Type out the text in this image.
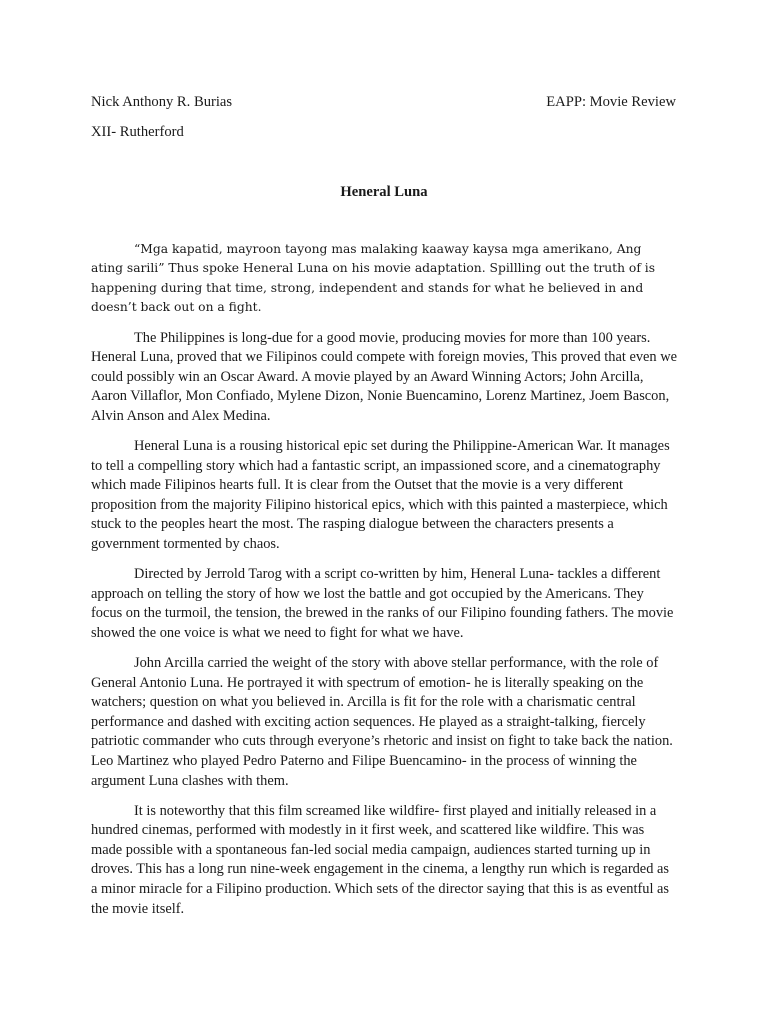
Nick Anthony R. Burias	EAPP: Movie Review
XII- Rutherford
Heneral Luna

“Mga kapatid, mayroon tayong mas malaking kaaway kaysa mga amerikano, Ang ating sarili” Thus spoke Heneral Luna on his movie adaptation. Spillling out the truth of is happening during that time, strong, independent and stands for what he believed in and doesn’t back out on a fight.

The Philippines is long-due for a good movie, producing movies for more than 100 years. Heneral Luna, proved that we Filipinos could compete with foreign movies, This proved that even we could possibly win an Oscar Award. A movie played by an Award Winning Actors; John Arcilla, Aaron Villaflor, Mon Confiado, Mylene Dizon, Nonie Buencamino, Lorenz Martinez, Joem Bascon, Alvin Anson and Alex Medina.

Heneral Luna is a rousing historical epic set during the Philippine-American War. It manages to tell a compelling story which had a fantastic script, an impassioned score, and a cinematography which made Filipinos hearts full. It is clear from the Outset that the movie is a very different proposition from the majority Filipino historical epics, which with this painted a masterpiece, which stuck to the peoples heart the most. The rasping dialogue between the characters presents a government tormented by chaos.

Directed by Jerrold Tarog with a script co-written by him, Heneral Luna- tackles a different approach on telling the story of how we lost the battle and got occupied by the Americans. They focus on the turmoil, the tension, the brewed in the ranks of our Filipino founding fathers. The movie showed the one voice is what we need to fight for what we have.

John Arcilla carried the weight of the story with above stellar performance, with the role of General Antonio Luna. He portrayed it with spectrum of emotion- he is literally speaking on the watchers; question on what you believed in. Arcilla is fit for the role with a charismatic central performance and dashed with exciting action sequences. He played as a straight-talking, fiercely patriotic commander who cuts through everyone’s rhetoric and insist on fight to take back the nation. Leo Martinez who played Pedro Paterno and Filipe Buencamino- in the process of winning the argument Luna clashes with them.

It is noteworthy that this film screamed like wildfire- first played and initially released in a hundred cinemas, performed with modestly in it first week, and scattered like wildfire. This was made possible with a spontaneous fan-led social media campaign, audiences started turning up in droves. This has a long run nine-week engagement in the cinema, a lengthy run which is regarded as a minor miracle for a Filipino production. Which sets of the director saying that this is as eventful as the movie itself.
